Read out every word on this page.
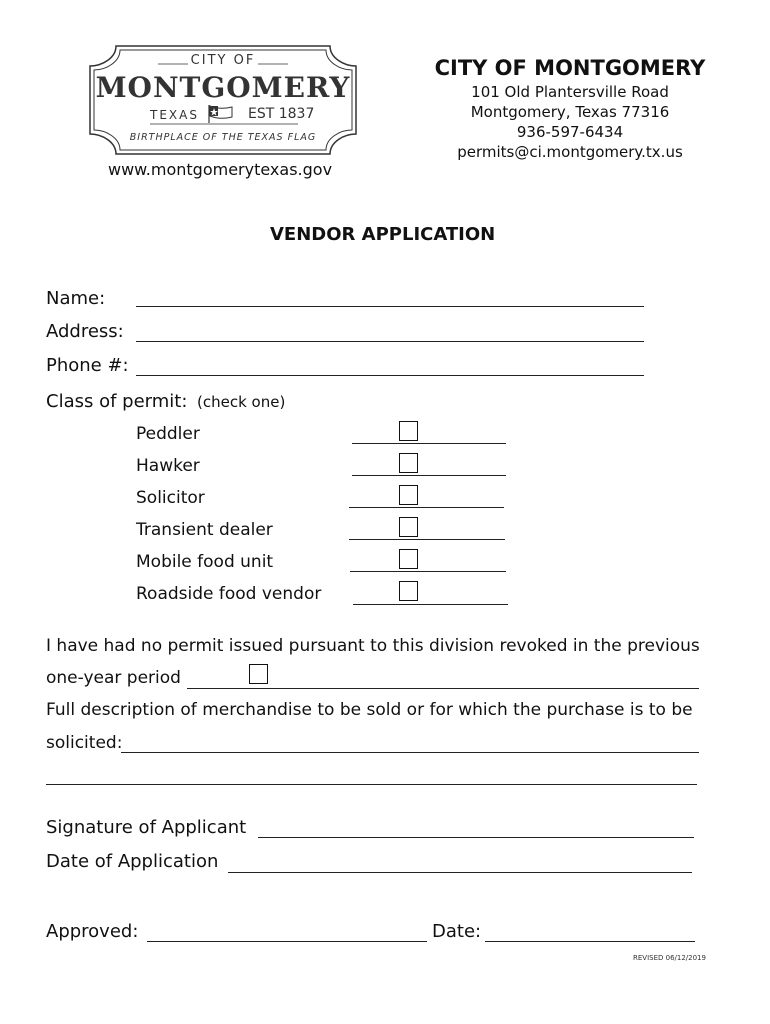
CITY OF
MONTGOMERY
TEXAS	EST 1837
BIRTHPLACE OF THE TEXAS FLAG
www.montgomerytexas.gov
CITY OF MONTGOMERY
101 Old Plantersville Road
Montgomery, Texas 77316
936-597-6434
permits@ci.montgomery.tx.us
VENDOR APPLICATION
Name:
Address:
Phone #:
Class of permit: (check one)
Peddler
Hawker
Solicitor
Transient dealer
Mobile food unit
Roadside food vendor
I have had no permit issued pursuant to this division revoked in the previous
one-year period
Full description of merchandise to be sold or for which the purchase is to be
solicited:
Signature of Applicant
Date of Application
Approved:	Date:
REVISED 06/12/2019
